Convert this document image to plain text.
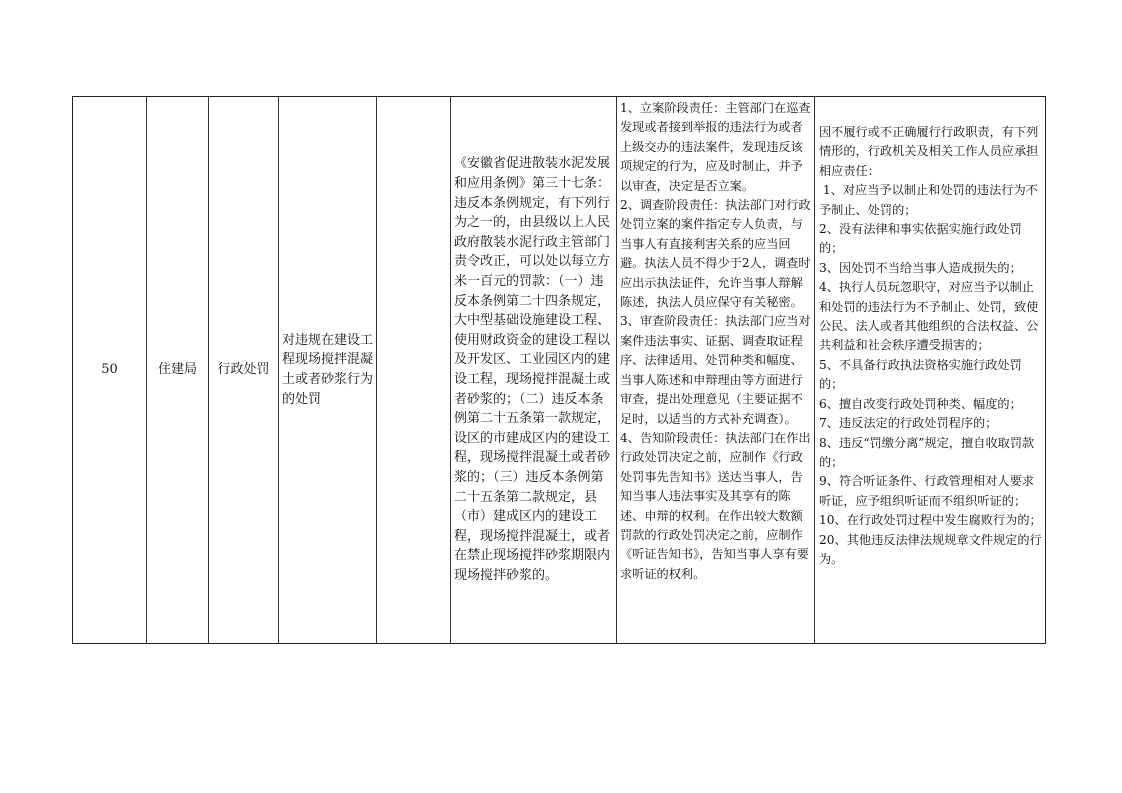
50	住建局 行政处罚
对违规在建设工程现场搅拌混凝土或者砂浆行为的处罚
《安徽省促进散装水泥发展和应用条例》第三十七条：违反本条例规定，有下列行为之一的，由县级以上人民政府散装水泥行政主管部门责令改正，可以处以每立方米一百元的罚款：（一）违反本条例第二十四条规定，大中型基础设施建设工程、使用财政资金的建设工程以及开发区、工业园区内的建设工程，现场搅拌混凝土或者砂浆的；（二）违反本条例第二十五条第一款规定，设区的市建成区内的建设工程，现场搅拌混凝土或者砂浆的；（三）违反本条例第二十五条第二款规定，县（市）建成区内的建设工程，现场搅拌混凝土，或者在禁止现场搅拌砂浆期限内现场搅拌砂浆的。
1、立案阶段责任：主管部门在巡查发现或者接到举报的违法行为或者上级交办的违法案件，发现违反该项规定的行为，应及时制止，并予以审查，决定是否立案。
2、调查阶段责任：执法部门对行政处罚立案的案件指定专人负责，与当事人有直接利害关系的应当回避。执法人员不得少于2人，调查时应出示执法证件，允许当事人辩解陈述，执法人员应保守有关秘密。
3、审查阶段责任：执法部门应当对案件违法事实、证据、调查取证程序、法律适用、处罚种类和幅度、当事人陈述和申辩理由等方面进行审查，提出处理意见（主要证据不足时，以适当的方式补充调查）。
4、告知阶段责任：执法部门在作出行政处罚决定之前，应制作《行政处罚事先告知书》送达当事人，告知当事人违法事实及其享有的陈述、申辩的权利。在作出较大数额罚款的行政处罚决定之前，应制作《听证告知书》，告知当事人享有要求听证的权利。
因不履行或不正确履行行政职责，有下列情形的，行政机关及相关工作人员应承担相应责任：
1、对应当予以制止和处罚的违法行为不予制止、处罚的；
2、没有法律和事实依据实施行政处罚的；
3、因处罚不当给当事人造成损失的；
4、执行人员玩忽职守，对应当予以制止和处罚的违法行为不予制止、处罚，致使公民、法人或者其他组织的合法权益、公共利益和社会秩序遭受损害的；
5、不具备行政执法资格实施行政处罚的；
6、擅自改变行政处罚种类、幅度的；
7、违反法定的行政处罚程序的；
8、违反“罚缴分离”规定，擅自收取罚款的；
9、符合听证条件、行政管理相对人要求听证，应予组织听证而不组织听证的；
10、在行政处罚过程中发生腐败行为的；
20、其他违反法律法规规章文件规定的行为。
